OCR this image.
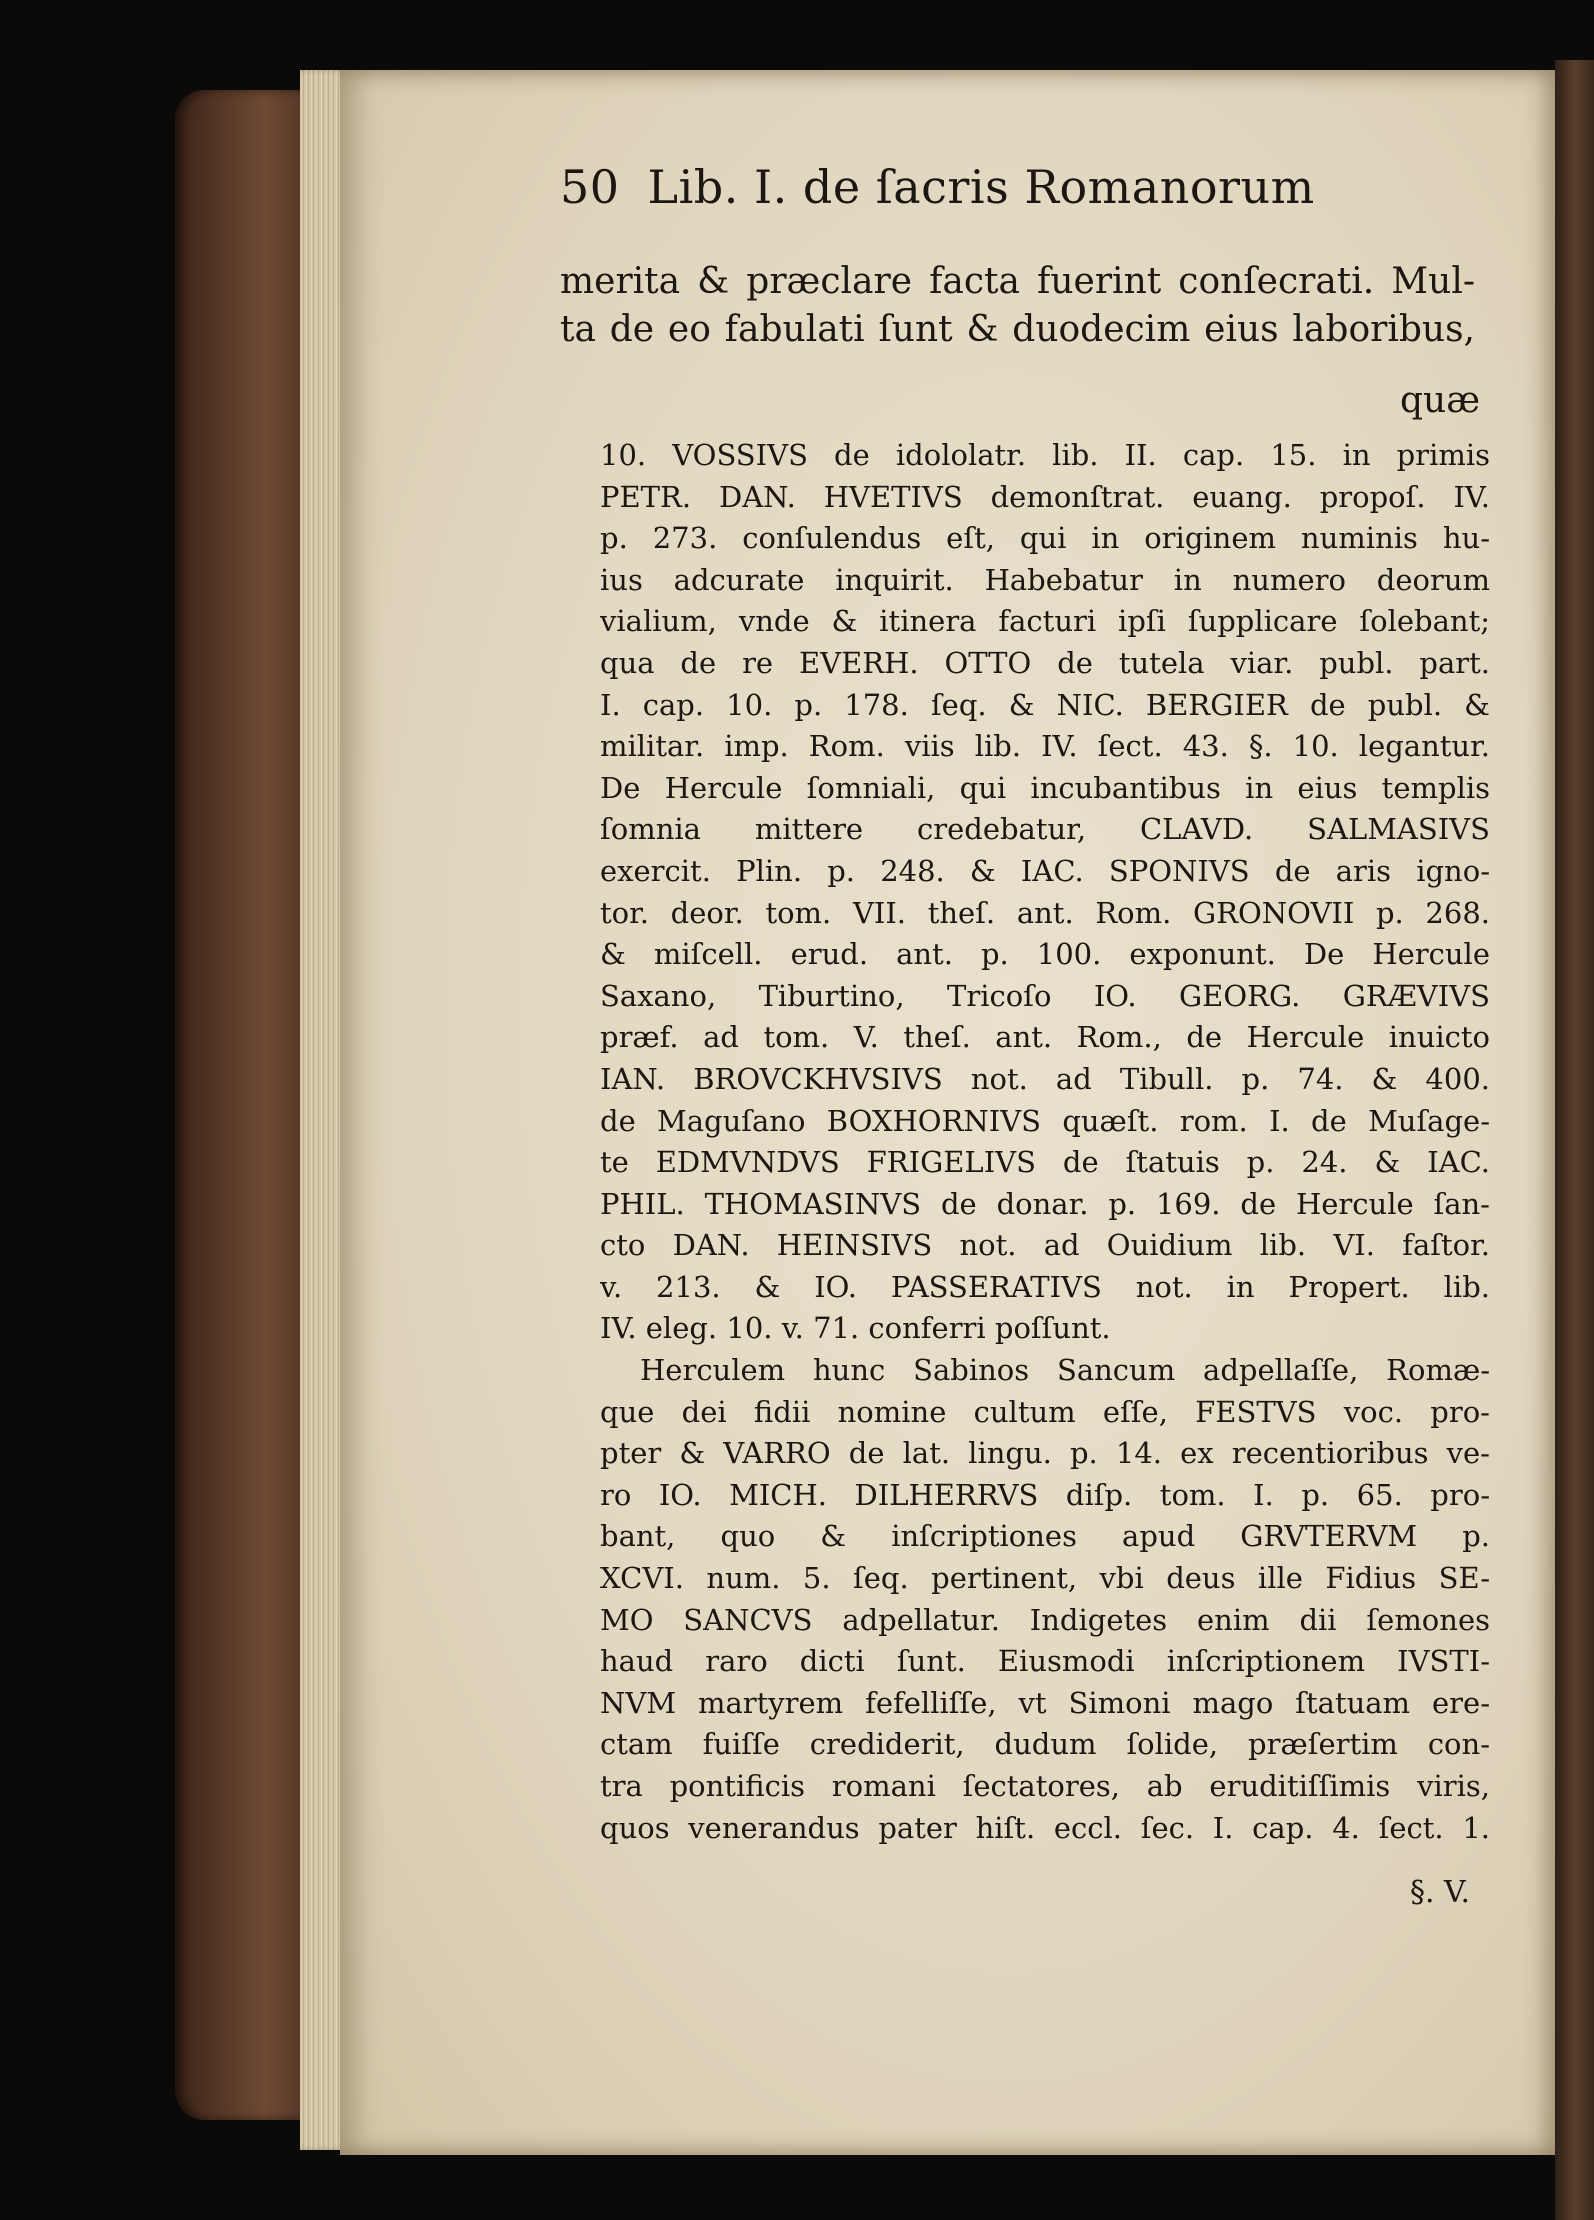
50 Lib. I. de ſacris Romanorum
merita & præclare facta fuerint conſecrati. Mul-
ta de eo fabulati ſunt & duodecim eius laboribus,
quæ
10. VOSSIVS de idololatr. lib. II. cap. 15. in primis
PETR. DAN. HVETIVS demonſtrat. euang. propoſ. IV.
p. 273. conſulendus eſt, qui in originem numinis hu-
ius adcurate inquirit. Habebatur in numero deorum
vialium, vnde & itinera facturi ipſi ſupplicare ſolebant;
qua de re EVERH. OTTO de tutela viar. publ. part.
I. cap. 10. p. 178. ſeq. & NIC. BERGIER de publ. &
militar. imp. Rom. viis lib. IV. ſect. 43. §. 10. legantur.
De Hercule ſomniali, qui incubantibus in eius templis
ſomnia mittere credebatur, CLAVD. SALMASIVS
exercit. Plin. p. 248. & IAC. SPONIVS de aris igno-
tor. deor. tom. VII. theſ. ant. Rom. GRONOVII p. 268.
& miſcell. erud. ant. p. 100. exponunt. De Hercule
Saxano, Tiburtino, Tricoſo IO. GEORG. GRÆVIVS
præf. ad tom. V. theſ. ant. Rom., de Hercule inuicto
IAN. BROVCKHVSIVS not. ad Tibull. p. 74. & 400.
de Maguſano BOXHORNIVS quæſt. rom. I. de Muſage-
te EDMVNDVS FRIGELIVS de ſtatuis p. 24. & IAC.
PHIL. THOMASINVS de donar. p. 169. de Hercule ſan-
cto DAN. HEINSIVS not. ad Ouidium lib. VI. faſtor.
v. 213. & IO. PASSERATIVS not. in Propert. lib.
IV. eleg. 10. v. 71. conferri poſſunt.
Herculem hunc Sabinos Sancum adpellaſſe, Romæ-
que dei fidii nomine cultum eſſe, FESTVS voc. pro-
pter & VARRO de lat. lingu. p. 14. ex recentioribus ve-
ro IO. MICH. DILHERRVS diſp. tom. I. p. 65. pro-
bant, quo & inſcriptiones apud GRVTERVM p.
XCVI. num. 5. ſeq. pertinent, vbi deus ille Fidius SE-
MO SANCVS adpellatur. Indigetes enim dii ſemones
haud raro dicti ſunt. Eiusmodi inſcriptionem IVSTI-
NVM martyrem fefelliſſe, vt Simoni mago ſtatuam ere-
ctam fuiſſe crediderit, dudum ſolide, præſertim con-
tra pontificis romani ſectatores, ab eruditiſſimis viris,
quos venerandus pater hiſt. eccl. ſec. I. cap. 4. ſect. 1.
§. V.
